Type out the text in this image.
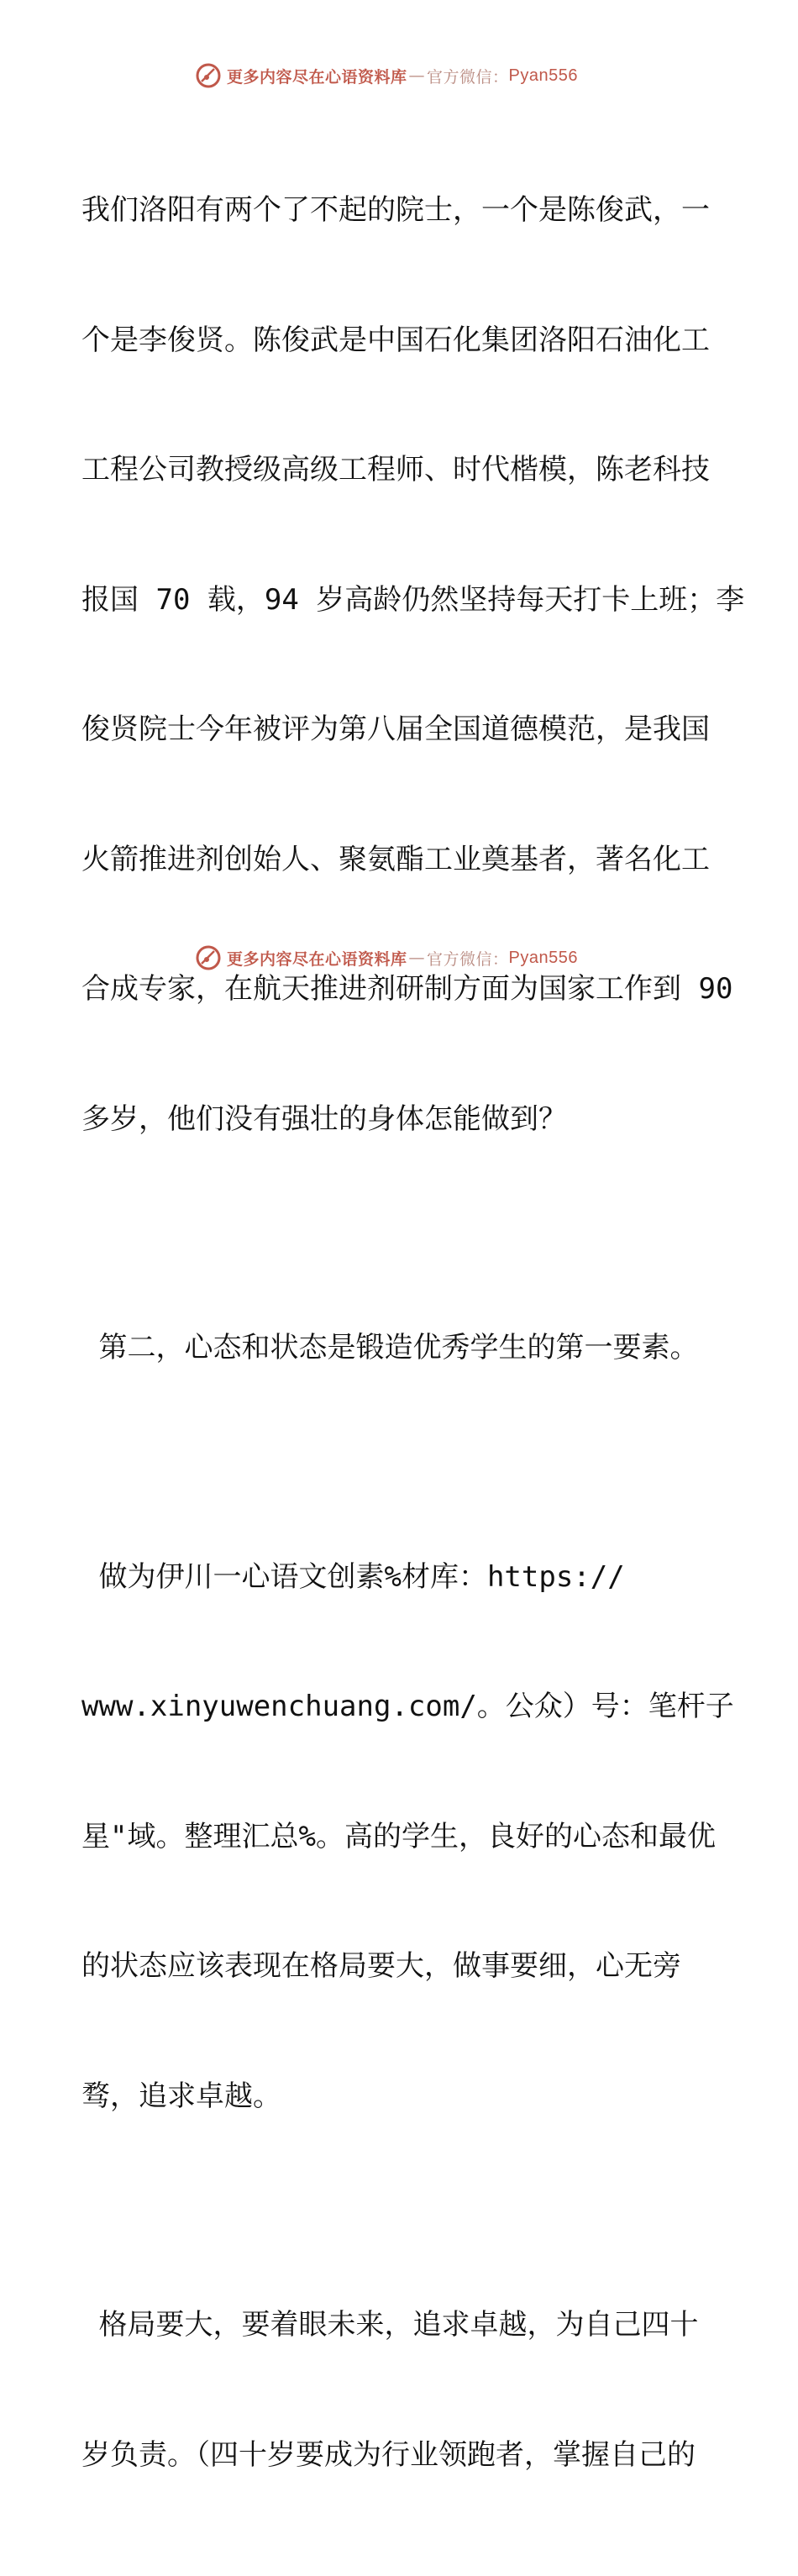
更多内容尽在心语资料库 — 官方微信： Pyan556

我们洛阳有两个了不起的院士，一个是陈俊武，一

个是李俊贤。陈俊武是中国石化集团洛阳石油化工

工程公司教授级高级工程师、时代楷模，陈老科技

报国 70 载，94 岁高龄仍然坚持每天打卡上班；李

俊贤院士今年被评为第八届全国道德模范，是我国

火箭推进剂创始人、聚氨酯工业奠基者，著名化工

合成专家，在航天推进剂研制方面为国家工作到 90

多岁，他们没有强壮的身体怎能做到？

第二，心态和状态是锻造优秀学生的第一要素。

做为伊川一心语文创素%材库：https://

www.xinyuwenchuang.com/。公众）号：笔杆子

星"域。整理汇总%。高的学生，良好的心态和最优

的状态应该表现在格局要大，做事要细，心无旁

骛，追求卓越。

格局要大，要着眼未来，追求卓越，为自己四十

岁负责。（四十岁要成为行业领跑者，掌握自己的

更多内容尽在心语资料库 — 官方微信： Pyan556
